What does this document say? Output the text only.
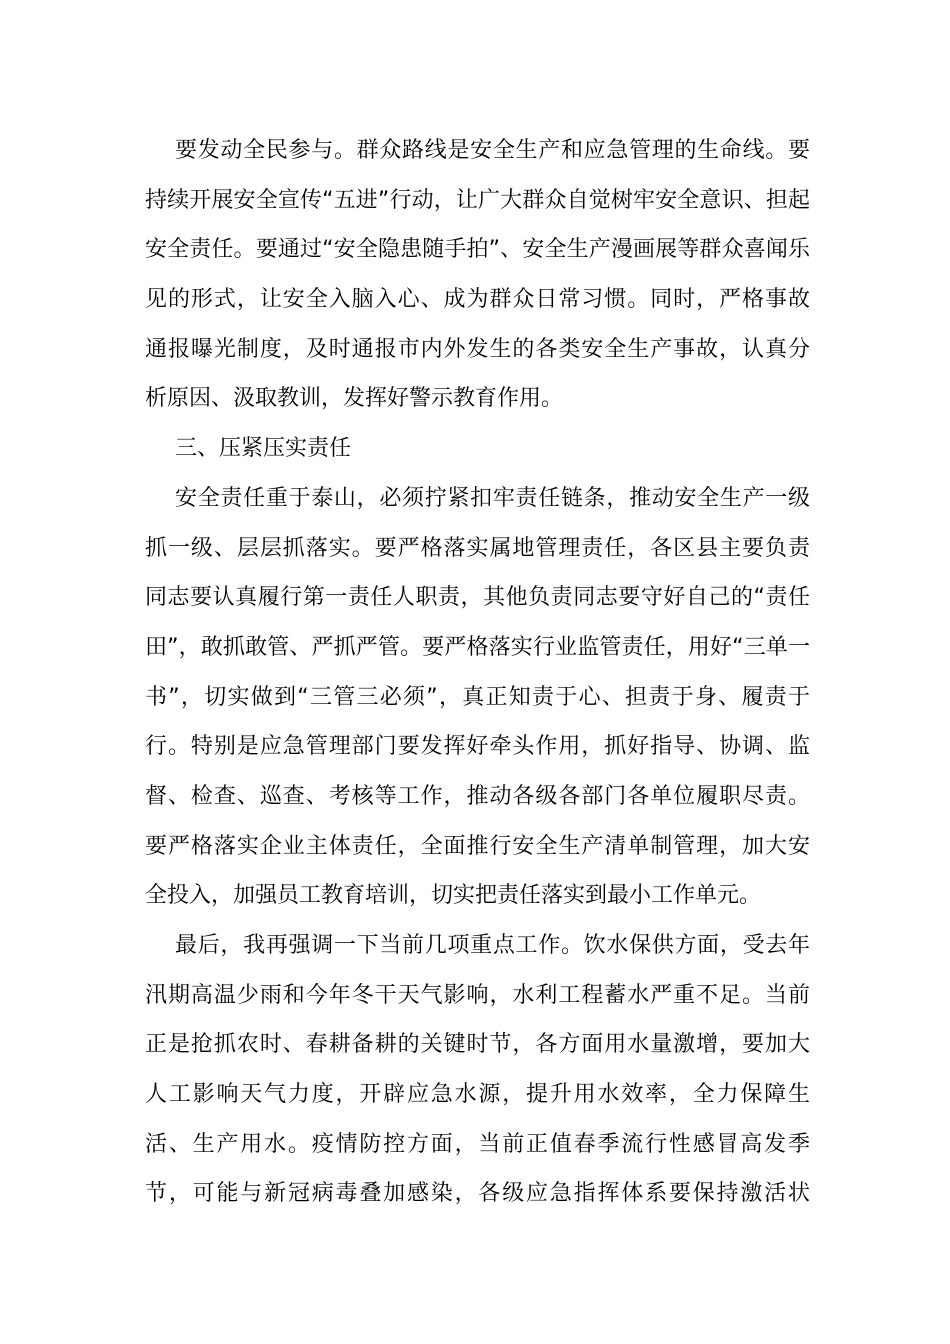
要发动全民参与。群众路线是安全生产和应急管理的生命线。要
持续开展安全宣传“五进”行动，让广大群众自觉树牢安全意识、担起
安全责任。要通过“安全隐患随手拍”、安全生产漫画展等群众喜闻乐
见的形式，让安全入脑入心、成为群众日常习惯。同时，严格事故
通报曝光制度，及时通报市内外发生的各类安全生产事故，认真分
析原因、汲取教训，发挥好警示教育作用。
三、压紧压实责任
安全责任重于泰山，必须拧紧扣牢责任链条，推动安全生产一级
抓一级、层层抓落实。要严格落实属地管理责任，各区县主要负责
同志要认真履行第一责任人职责，其他负责同志要守好自己的“责任
田”，敢抓敢管、严抓严管。要严格落实行业监管责任，用好“三单一
书”，切实做到“三管三必须”，真正知责于心、担责于身、履责于
行。特别是应急管理部门要发挥好牵头作用，抓好指导、协调、监
督、检查、巡查、考核等工作，推动各级各部门各单位履职尽责。
要严格落实企业主体责任，全面推行安全生产清单制管理，加大安
全投入，加强员工教育培训，切实把责任落实到最小工作单元。
最后，我再强调一下当前几项重点工作。饮水保供方面，受去年
汛期高温少雨和今年冬干天气影响，水利工程蓄水严重不足。当前
正是抢抓农时、春耕备耕的关键时节，各方面用水量激增，要加大
人工影响天气力度，开辟应急水源，提升用水效率，全力保障生
活、生产用水。疫情防控方面，当前正值春季流行性感冒高发季
节，可能与新冠病毒叠加感染，各级应急指挥体系要保持激活状
